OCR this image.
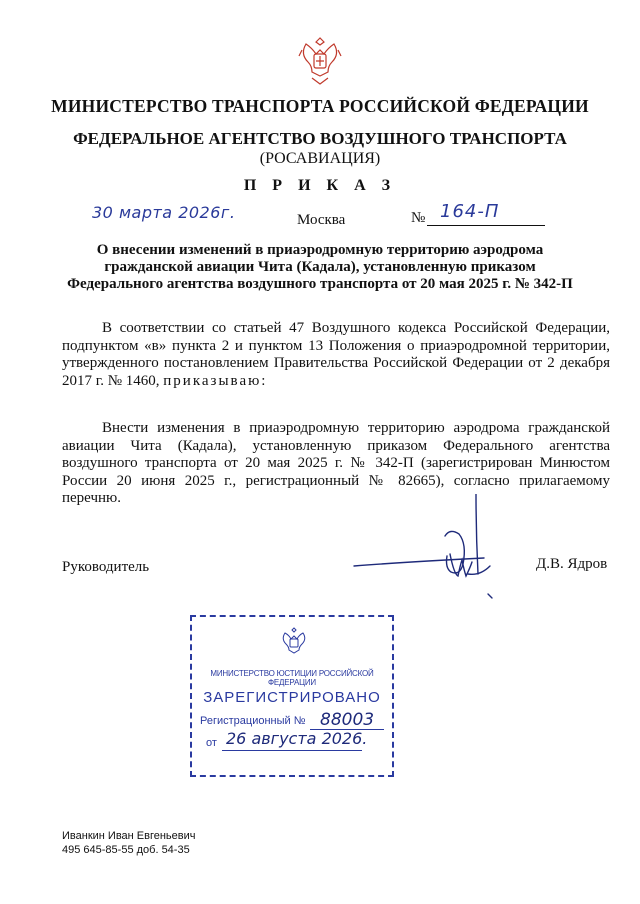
МИНИСТЕРСТВО ТРАНСПОРТА РОССИЙСКОЙ ФЕДЕРАЦИИ
ФЕДЕРАЛЬНОЕ АГЕНТСТВО ВОЗДУШНОГО ТРАНСПОРТА
(РОСАВИАЦИЯ)
П Р И К А З
30 марта 2026г.	Москва	№ 164-П
О внесении изменений в приаэродромную территорию аэродрома гражданской авиации Чита (Кадала), установленную приказом Федерального агентства воздушного транспорта от 20 мая 2025 г. № 342-П
В соответствии со статьей 47 Воздушного кодекса Российской Федерации, подпунктом «в» пункта 2 и пунктом 13 Положения о приаэродромной территории, утвержденного постановлением Правительства Российской Федерации от 2 декабря 2017 г. № 1460, приказываю:
Внести изменения в приаэродромную территорию аэродрома гражданской авиации Чита (Кадала), установленную приказом Федерального агентства воздушного транспорта от 20 мая 2025 г. № 342-П (зарегистрирован Минюстом России 20 июня 2025 г., регистрационный № 82665), согласно прилагаемому перечню.
Руководитель	Д.В. Ядров
МИНИСТЕРСТВО ЮСТИЦИИ РОССИЙСКОЙ ФЕДЕРАЦИИ
ЗАРЕГИСТРИРОВАНО
Регистрационный № 88003
от 26 августа 2026.
Иванкин Иван Евгеньевич
495 645-85-55 доб. 54-35
